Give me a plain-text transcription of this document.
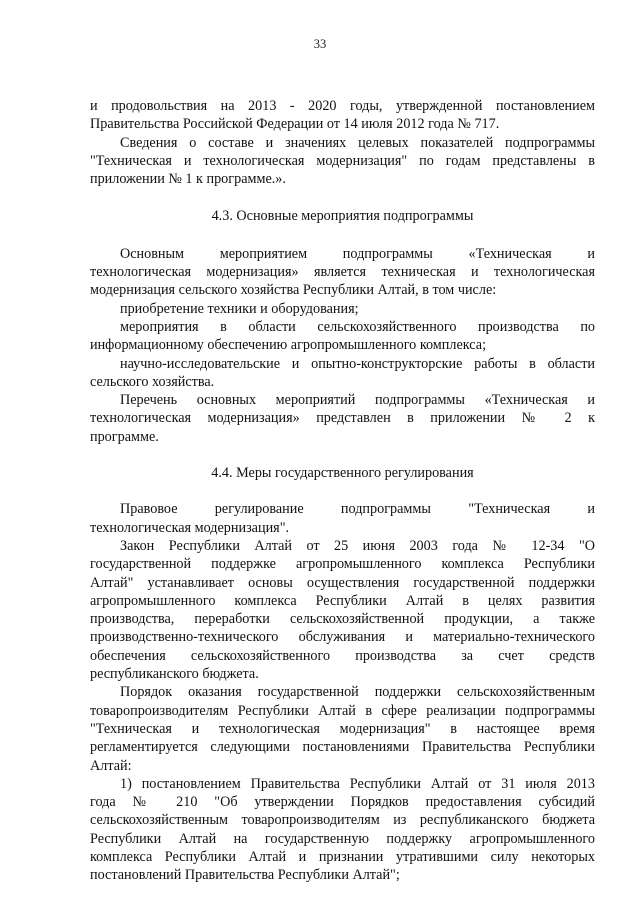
33
и продовольствия на 2013 - 2020 годы, утвержденной постановлением
Правительства Российской Федерации от 14 июля 2012 года № 717.
Сведения о составе и значениях целевых показателей подпрограммы
"Техническая и технологическая модернизация" по годам представлены в
приложении № 1 к программе.».

4.3. Основные мероприятия подпрограммы

Основным мероприятием подпрограммы «Техническая и
технологическая модернизация» является техническая и технологическая
модернизация сельского хозяйства Республики Алтай, в том числе:
приобретение техники и оборудования;
мероприятия в области сельскохозяйственного производства по
информационному обеспечению агропромышленного комплекса;
научно-исследовательские и опытно-конструкторские работы в области
сельского хозяйства.
Перечень основных мероприятий подпрограммы «Техническая и
технологическая модернизация» представлен в приложении № 2 к
программе.

4.4. Меры государственного регулирования

Правовое регулирование подпрограммы "Техническая и
технологическая модернизация".
Закон Республики Алтай от 25 июня 2003 года № 12-34 "О
государственной поддержке агропромышленного комплекса Республики
Алтай" устанавливает основы осуществления государственной поддержки
агропромышленного комплекса Республики Алтай в целях развития
производства, переработки сельскохозяйственной продукции, а также
производственно-технического обслуживания и материально-технического
обеспечения сельскохозяйственного производства за счет средств
республиканского бюджета.
Порядок оказания государственной поддержки сельскохозяйственным
товаропроизводителям Республики Алтай в сфере реализации подпрограммы
"Техническая и технологическая модернизация" в настоящее время
регламентируется следующими постановлениями Правительства Республики
Алтай:
1) постановлением Правительства Республики Алтай от 31 июля 2013
года № 210 "Об утверждении Порядков предоставления субсидий
сельскохозяйственным товаропроизводителям из республиканского бюджета
Республики Алтай на государственную поддержку агропромышленного
комплекса Республики Алтай и признании утратившими силу некоторых
постановлений Правительства Республики Алтай";
